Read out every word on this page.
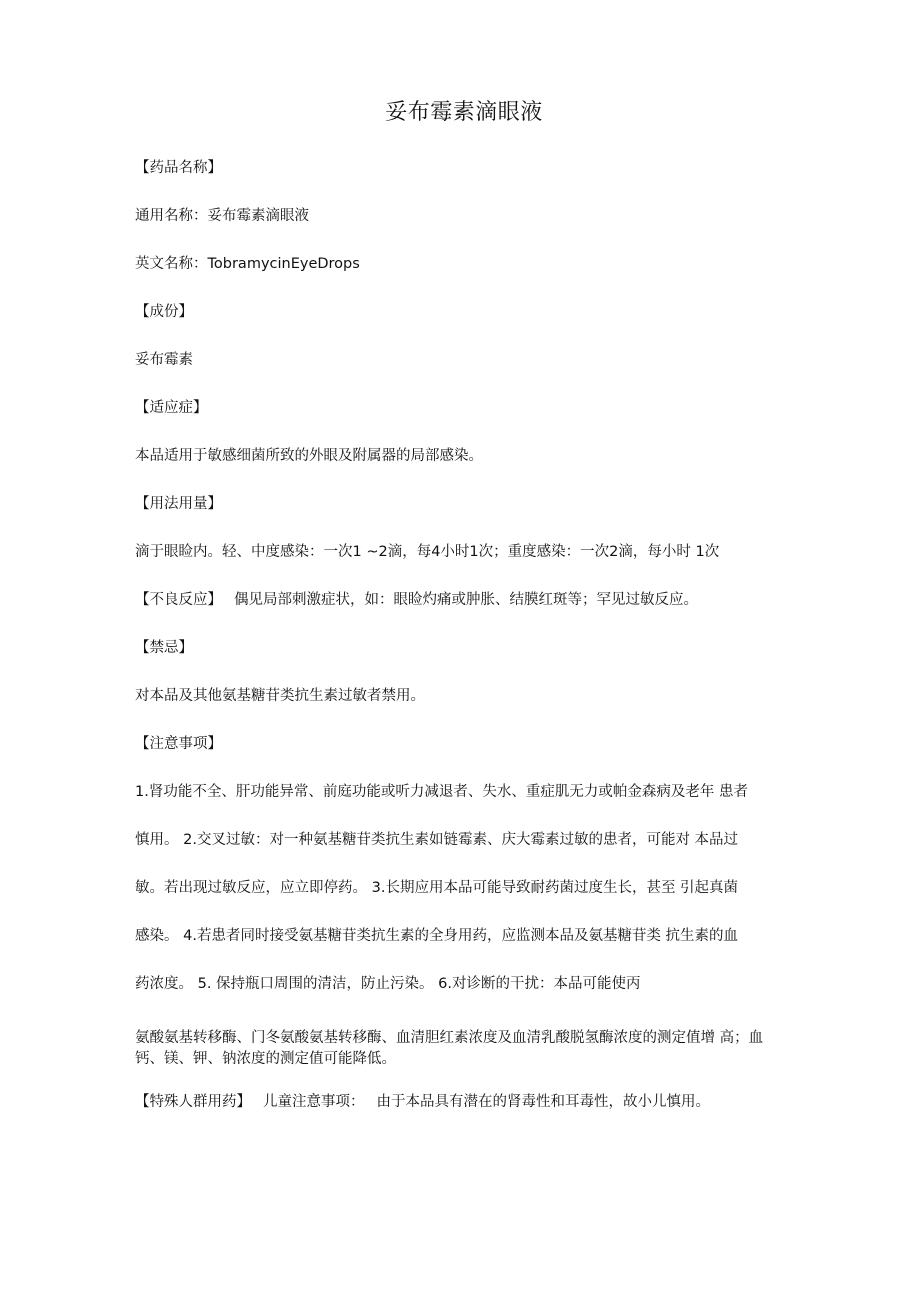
妥布霉素滴眼液

【药品名称】

通用名称：妥布霉素滴眼液

英文名称：TobramycinEyeDrops

【成份】

妥布霉素

【适应症】

本品适用于敏感细菌所致的外眼及附属器的局部感染。

【用法用量】

滴于眼睑内。轻、中度感染：一次1 ~2滴，每4小时1次；重度感染：一次2滴，每小时 1次

【不良反应】 偶见局部刺激症状，如：眼睑灼痛或肿胀、结膜红斑等；罕见过敏反应。

【禁忌】

对本品及其他氨基糖苷类抗生素过敏者禁用。

【注意事项】

1.肾功能不全、肝功能异常、前庭功能或听力减退者、失水、重症肌无力或帕金森病及老年 患者

慎用。 2.交叉过敏：对一种氨基糖苷类抗生素如链霉素、庆大霉素过敏的患者，可能对 本品过

敏。若出现过敏反应，应立即停药。 3.长期应用本品可能导致耐药菌过度生长，甚至 引起真菌

感染。 4.若患者同时接受氨基糖苷类抗生素的全身用药，应监测本品及氨基糖苷类 抗生素的血

药浓度。 5. 保持瓶口周围的清洁，防止污染。 6.对诊断的干扰：本品可能使丙

氨酸氨基转移酶、门冬氨酸氨基转移酶、血清胆红素浓度及血清乳酸脱氢酶浓度的测定值增 高；血钙、镁、钾、钠浓度的测定值可能降低。

【特殊人群用药】 儿童注意事项： 由于本品具有潜在的肾毒性和耳毒性，故小儿慎用。
